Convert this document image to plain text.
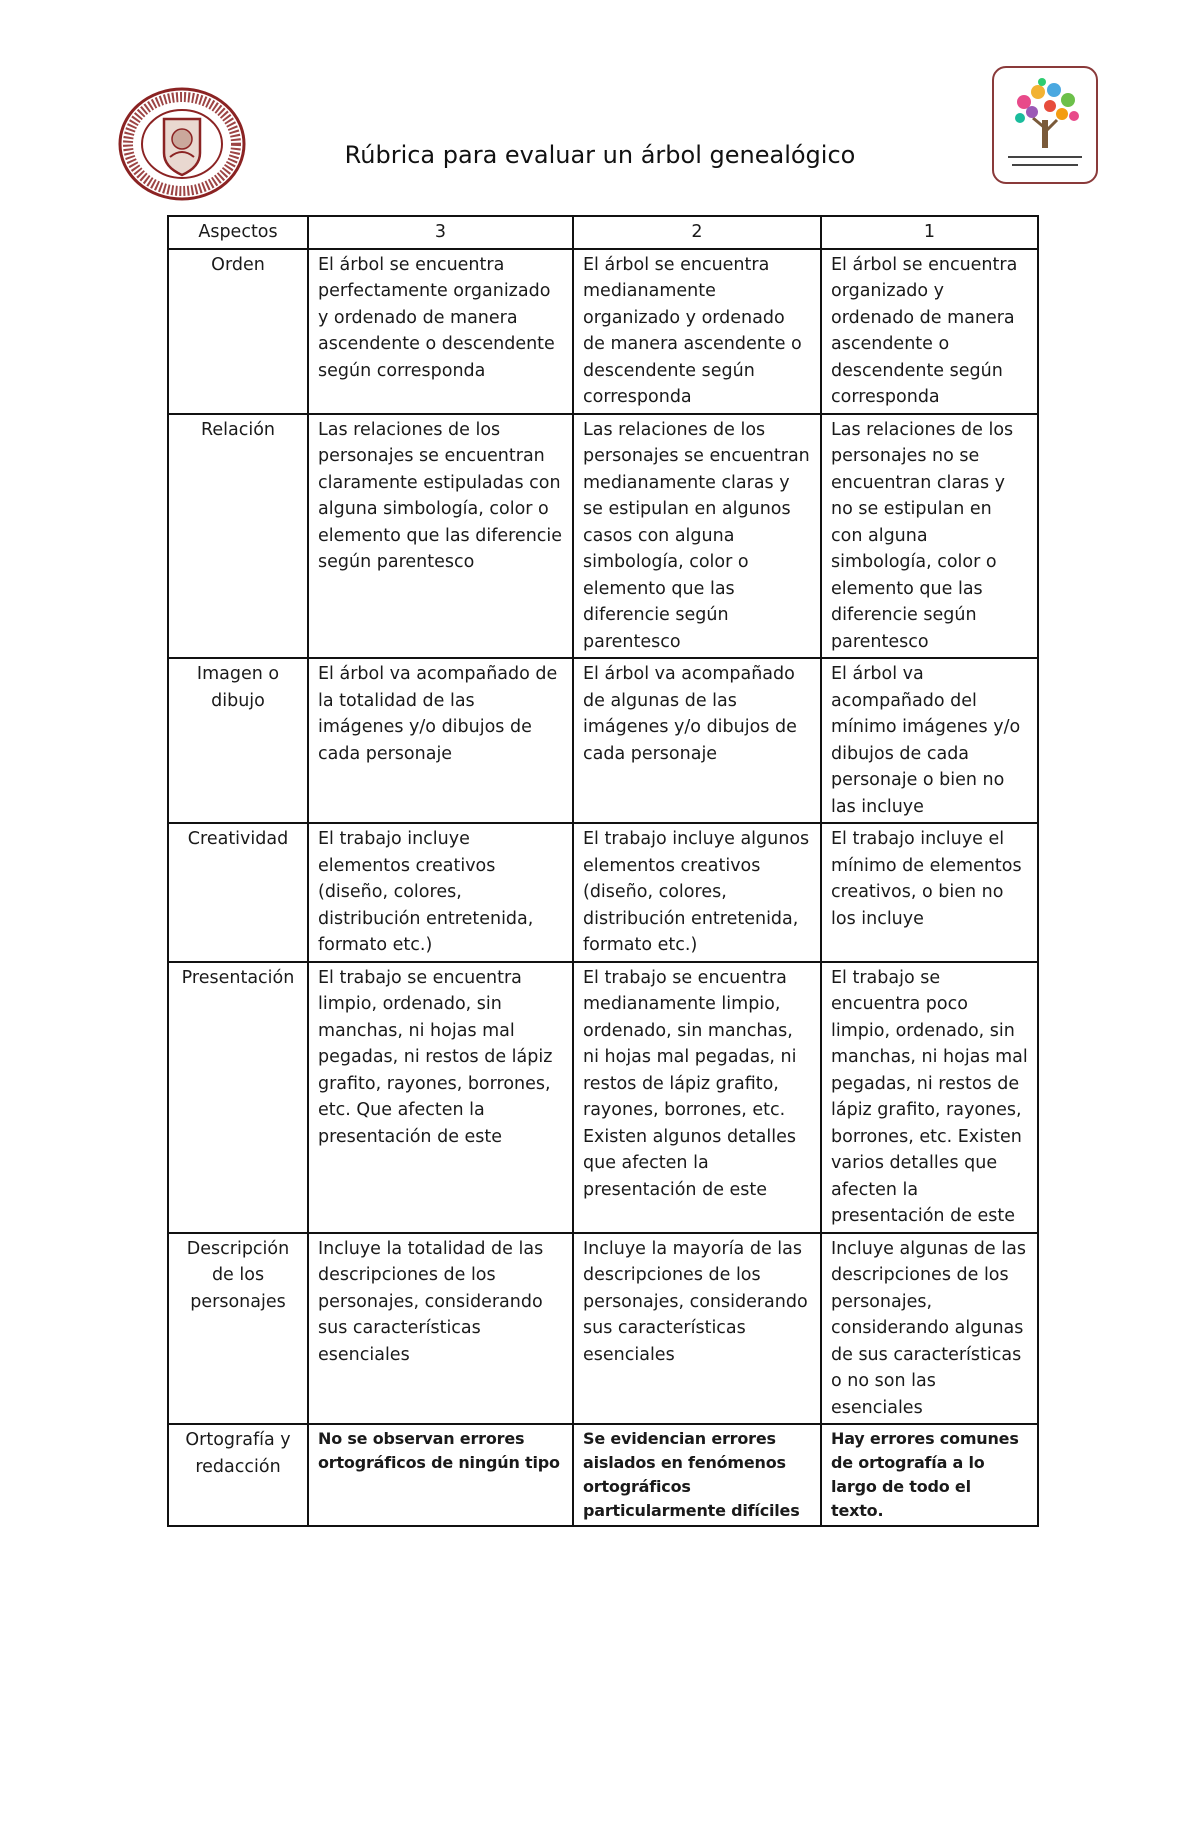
Rúbrica para evaluar un árbol genealógico
Aspectos	3	2	1
Orden	El árbol se encuentra perfectamente organizado y ordenado de manera ascendente o descendente según corresponda	El árbol se encuentra medianamente organizado y ordenado de manera ascendente o descendente según corresponda	El árbol se encuentra organizado y ordenado de manera ascendente o descendente según corresponda
Relación	Las relaciones de los personajes se encuentran claramente estipuladas con alguna simbología, color o elemento que las diferencie según parentesco	Las relaciones de los personajes se encuentran medianamente claras y se estipulan en algunos casos con alguna simbología, color o elemento que las diferencie según parentesco	Las relaciones de los personajes no se encuentran claras y no se estipulan en con alguna simbología, color o elemento que las diferencie según parentesco
Imagen o dibujo	El árbol va acompañado de la totalidad de las imágenes y/o dibujos de cada personaje	El árbol va acompañado de algunas de las imágenes y/o dibujos de cada personaje	El árbol va acompañado del mínimo imágenes y/o dibujos de cada personaje o bien no las incluye
Creatividad	El trabajo incluye elementos creativos (diseño, colores, distribución entretenida, formato etc.)	El trabajo incluye algunos elementos creativos (diseño, colores, distribución entretenida, formato etc.)	El trabajo incluye el mínimo de elementos creativos, o bien no los incluye
Presentación	El trabajo se encuentra limpio, ordenado, sin manchas, ni hojas mal pegadas, ni restos de lápiz grafito, rayones, borrones, etc. Que afecten la presentación de este	El trabajo se encuentra medianamente limpio, ordenado, sin manchas, ni hojas mal pegadas, ni restos de lápiz grafito, rayones, borrones, etc. Existen algunos detalles que afecten la presentación de este	El trabajo se encuentra poco limpio, ordenado, sin manchas, ni hojas mal pegadas, ni restos de lápiz grafito, rayones, borrones, etc. Existen varios detalles que afecten la presentación de este
Descripción de los personajes	Incluye la totalidad de las descripciones de los personajes, considerando sus características esenciales	Incluye la mayoría de las descripciones de los personajes, considerando sus características esenciales	Incluye algunas de las descripciones de los personajes, considerando algunas de sus características o no son las esenciales
Ortografía y redacción	No se observan errores ortográficos de ningún tipo	Se evidencian errores aislados en fenómenos ortográficos particularmente difíciles	Hay errores comunes de ortografía a lo largo de todo el texto.
